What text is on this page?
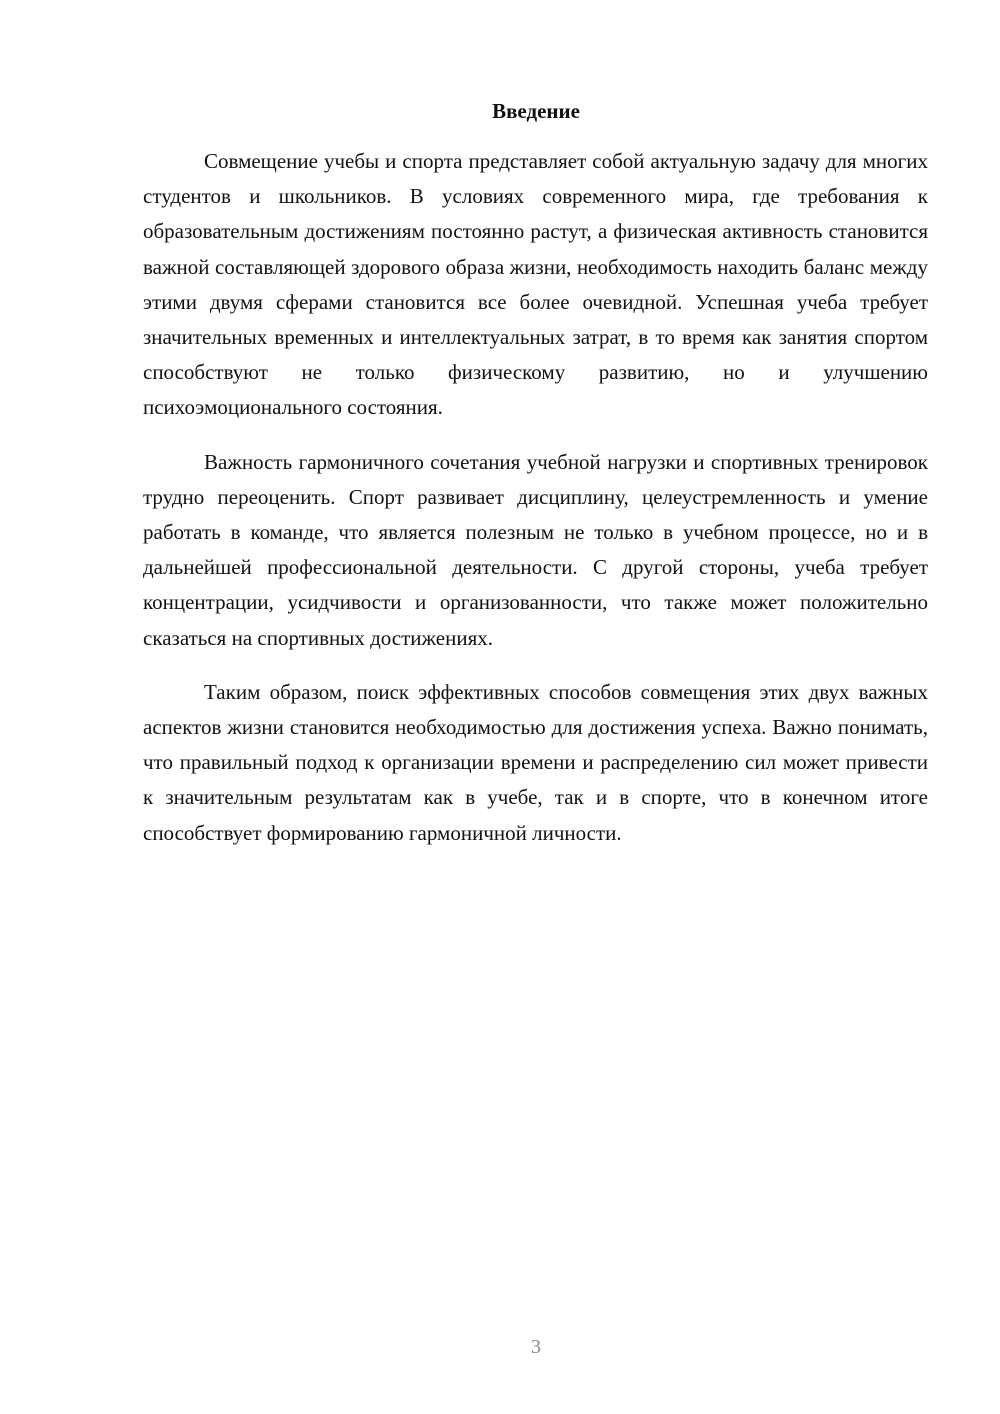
Введение

Совмещение учебы и спорта представляет собой актуальную задачу для многих студентов и школьников. В условиях современного мира, где требования к образовательным достижениям постоянно растут, а физическая активность становится важной составляющей здорового образа жизни, необходимость находить баланс между этими двумя сферами становится все более очевидной. Успешная учеба требует значительных временных и интеллектуальных затрат, в то время как занятия спортом способствуют не только физическому развитию, но и улучшению психоэмоционального состояния.

Важность гармоничного сочетания учебной нагрузки и спортивных тренировок трудно переоценить. Спорт развивает дисциплину, целеустремленность и умение работать в команде, что является полезным не только в учебном процессе, но и в дальнейшей профессиональной деятельности. С другой стороны, учеба требует концентрации, усидчивости и организованности, что также может положительно сказаться на спортивных достижениях.

Таким образом, поиск эффективных способов совмещения этих двух важных аспектов жизни становится необходимостью для достижения успеха. Важно понимать, что правильный подход к организации времени и распределению сил может привести к значительным результатам как в учебе, так и в спорте, что в конечном итоге способствует формированию гармоничной личности.

3
